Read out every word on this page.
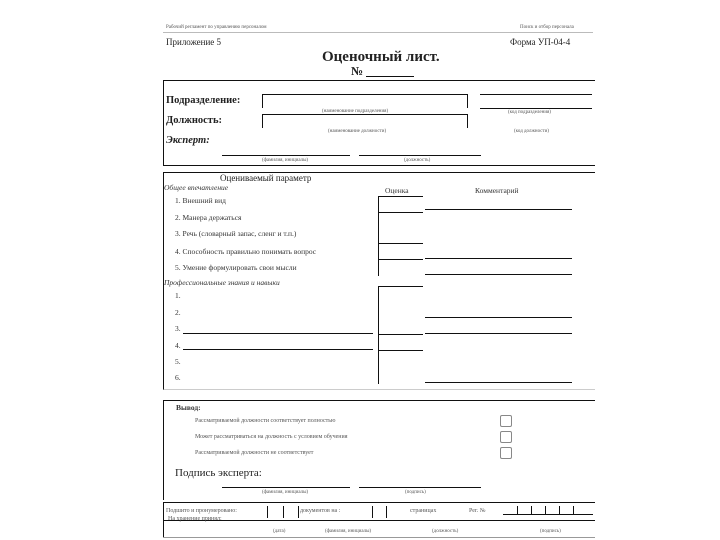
Рабочий регламент по управлению персоналом	Поиск и отбор персонала
Приложение 5	Форма УП-04-4
Оценочный лист.
№
Подразделение:
(наименование подразделения)	(код подразделения)
Должность:
(наименование должности)	(код должности)
Эксперт:
(фамилия, инициалы)	(должность)
Оцениваемый параметр
Общее впечатление	Оценка	Комментарий
1. Внешний вид
2. Манера держаться
3. Речь (словарный запас, сленг и т.п.)
4. Способность правильно понимать вопрос
5. Умение формулировать свои мысли
Профессиональные знания и навыки
1.
2.
3.
4.
5.
6.
Вывод:
Рассматриваемой должности соответствует полностью
Может рассматриваться на должность с условием обучения
Рассматриваемой должности не соответствует
Подпись эксперта:
(фамилия, инициалы)	(подпись)
Подшито и пронумеровано:	документов на :	страницах	Рег. №
На хранение принял:
(дата)	(фамилия, инициалы)	(должность)	(подпись)
